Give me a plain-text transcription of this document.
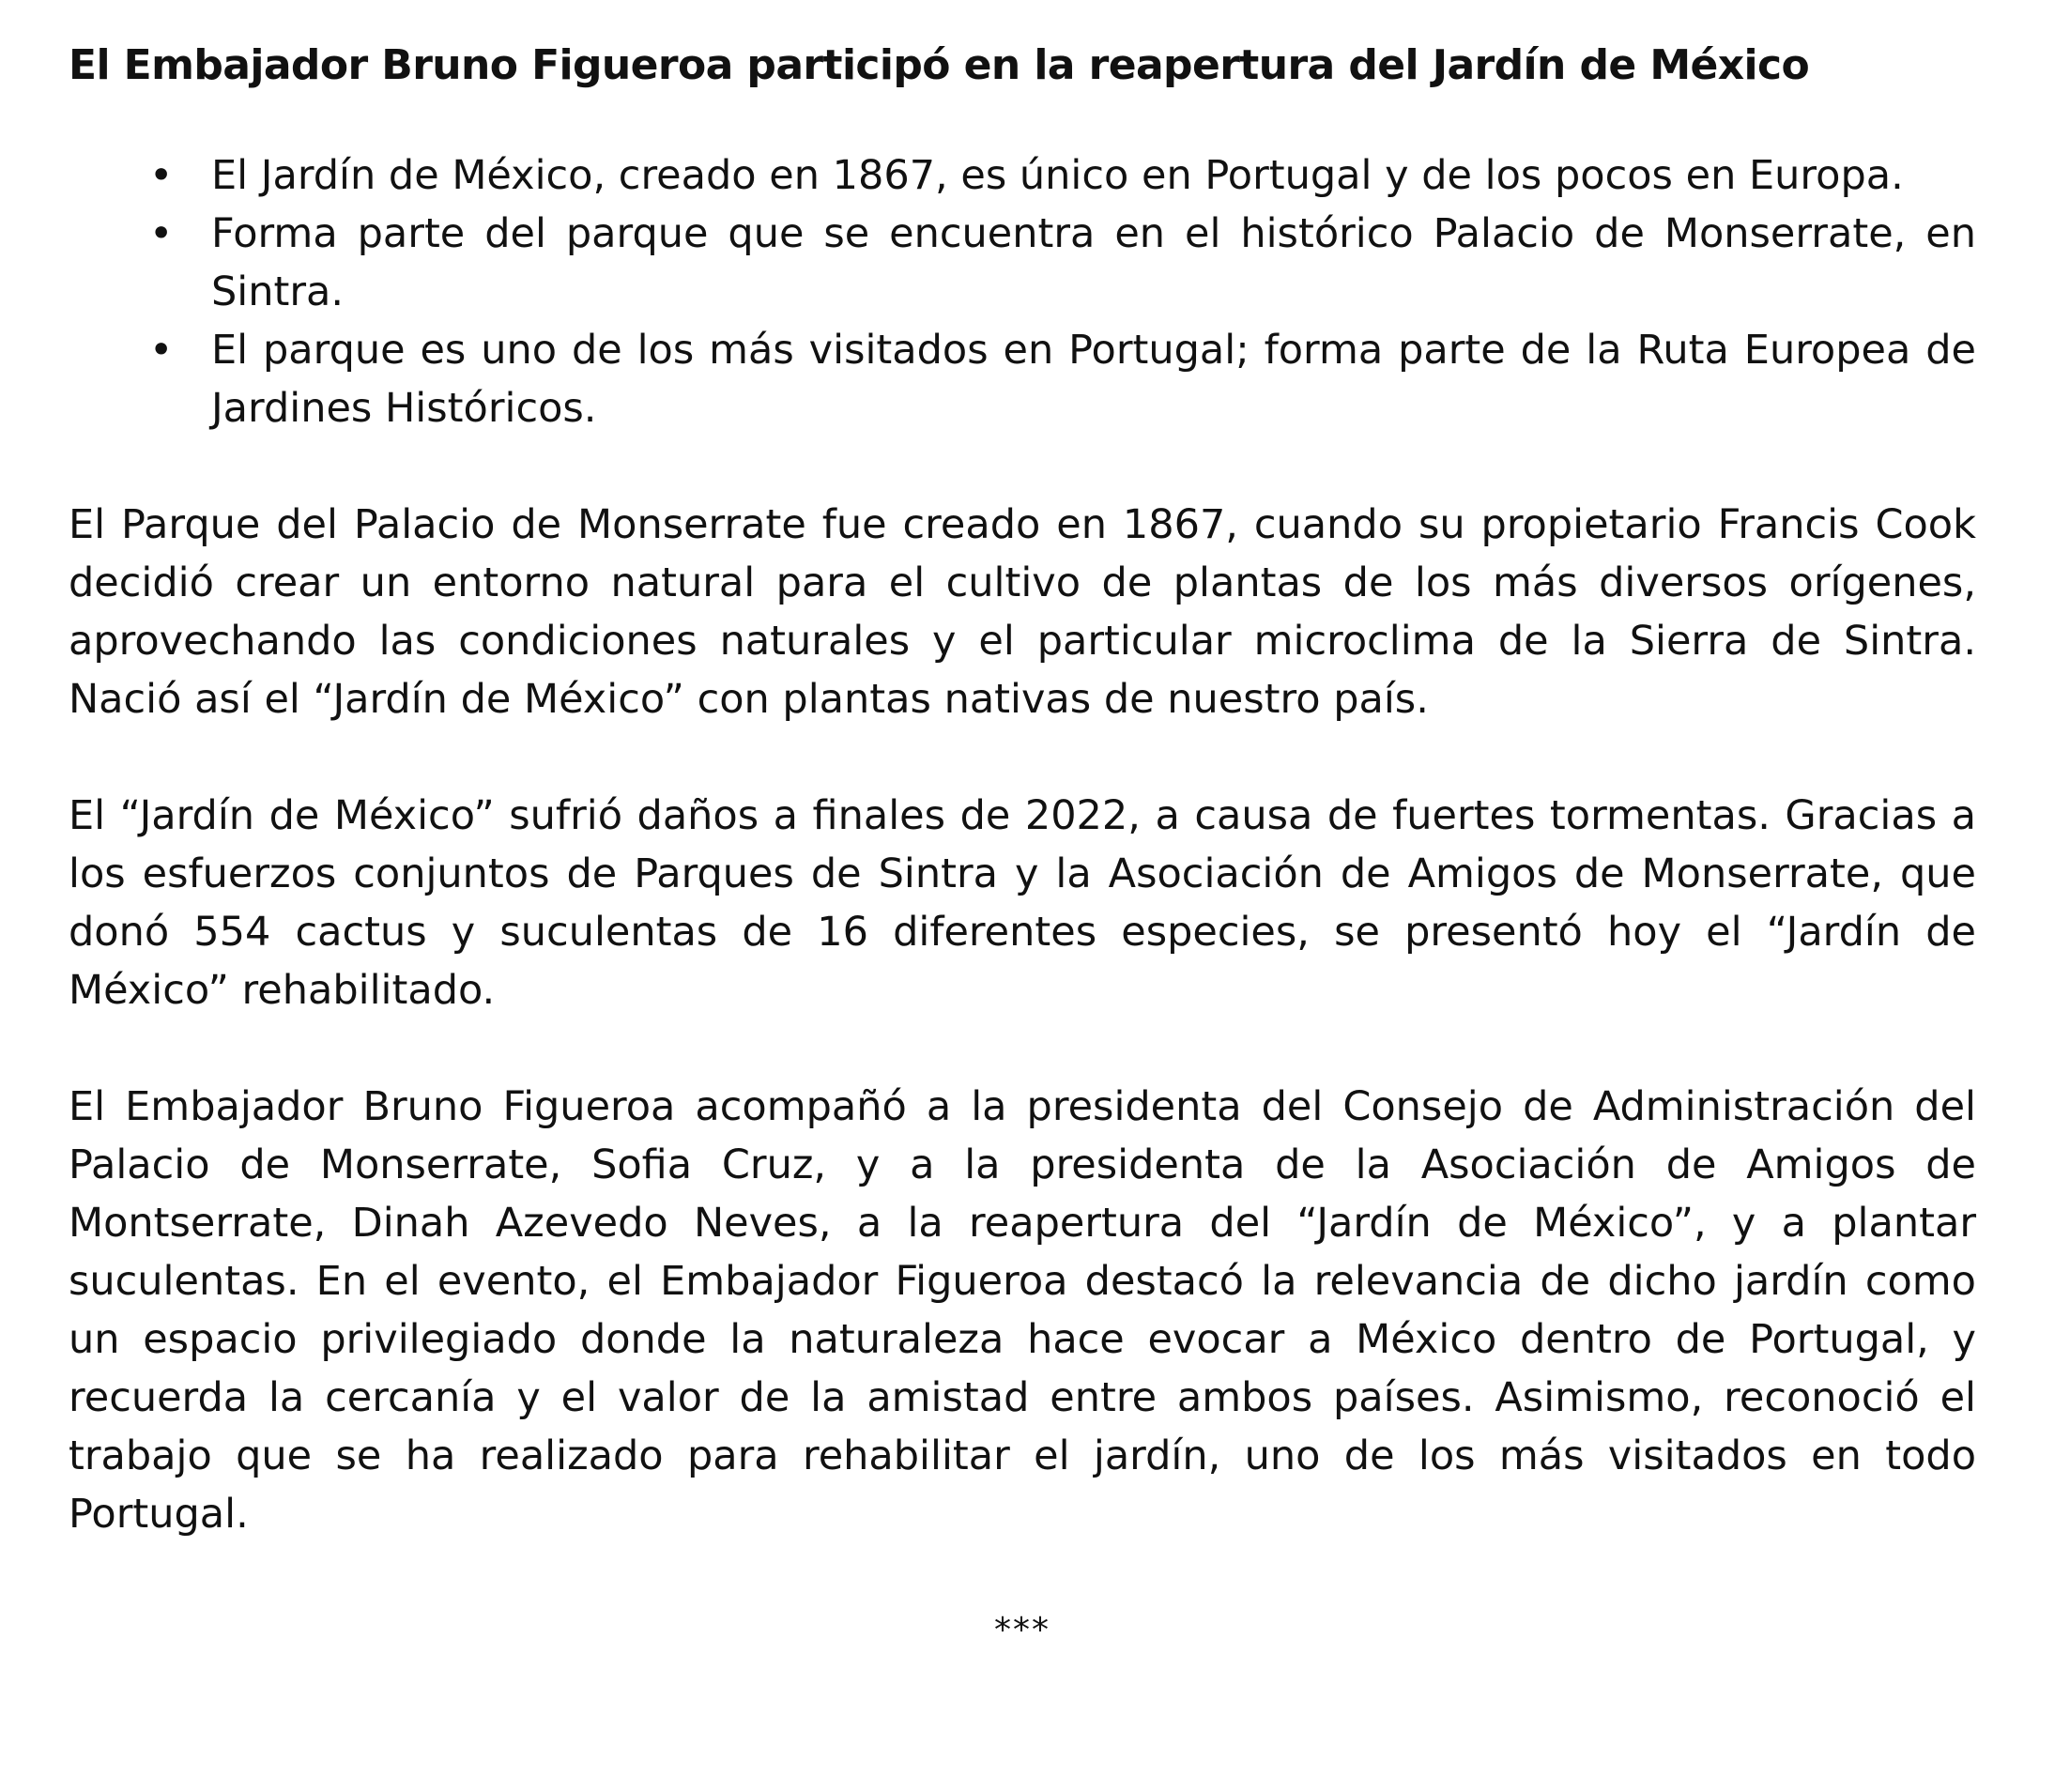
El Embajador Bruno Figueroa participó en la reapertura del Jardín de México
• El Jardín de México, creado en 1867, es único en Portugal y de los pocos en Europa.
• Forma parte del parque que se encuentra en el histórico Palacio de Monserrate, en Sintra.
• El parque es uno de los más visitados en Portugal; forma parte de la Ruta Europea de Jardines Históricos.

El Parque del Palacio de Monserrate fue creado en 1867, cuando su propietario Francis Cook decidió crear un entorno natural para el cultivo de plantas de los más diversos orígenes, aprovechando las condiciones naturales y el particular microclima de la Sierra de Sintra. Nació así el “Jardín de México” con plantas nativas de nuestro país.

El “Jardín de México” sufrió daños a finales de 2022, a causa de fuertes tormentas. Gracias a los esfuerzos conjuntos de Parques de Sintra y la Asociación de Amigos de Monserrate, que donó 554 cactus y suculentas de 16 diferentes especies, se presentó hoy el “Jardín de México” rehabilitado.

El Embajador Bruno Figueroa acompañó a la presidenta del Consejo de Administración del Palacio de Monserrate, Sofia Cruz, y a la presidenta de la Asociación de Amigos de Montserrate, Dinah Azevedo Neves, a la reapertura del “Jardín de México”, y a plantar suculentas. En el evento, el Embajador Figueroa destacó la relevancia de dicho jardín como un espacio privilegiado donde la naturaleza hace evocar a México dentro de Portugal, y recuerda la cercanía y el valor de la amistad entre ambos países. Asimismo, reconoció el trabajo que se ha realizado para rehabilitar el jardín, uno de los más visitados en todo Portugal.

***
